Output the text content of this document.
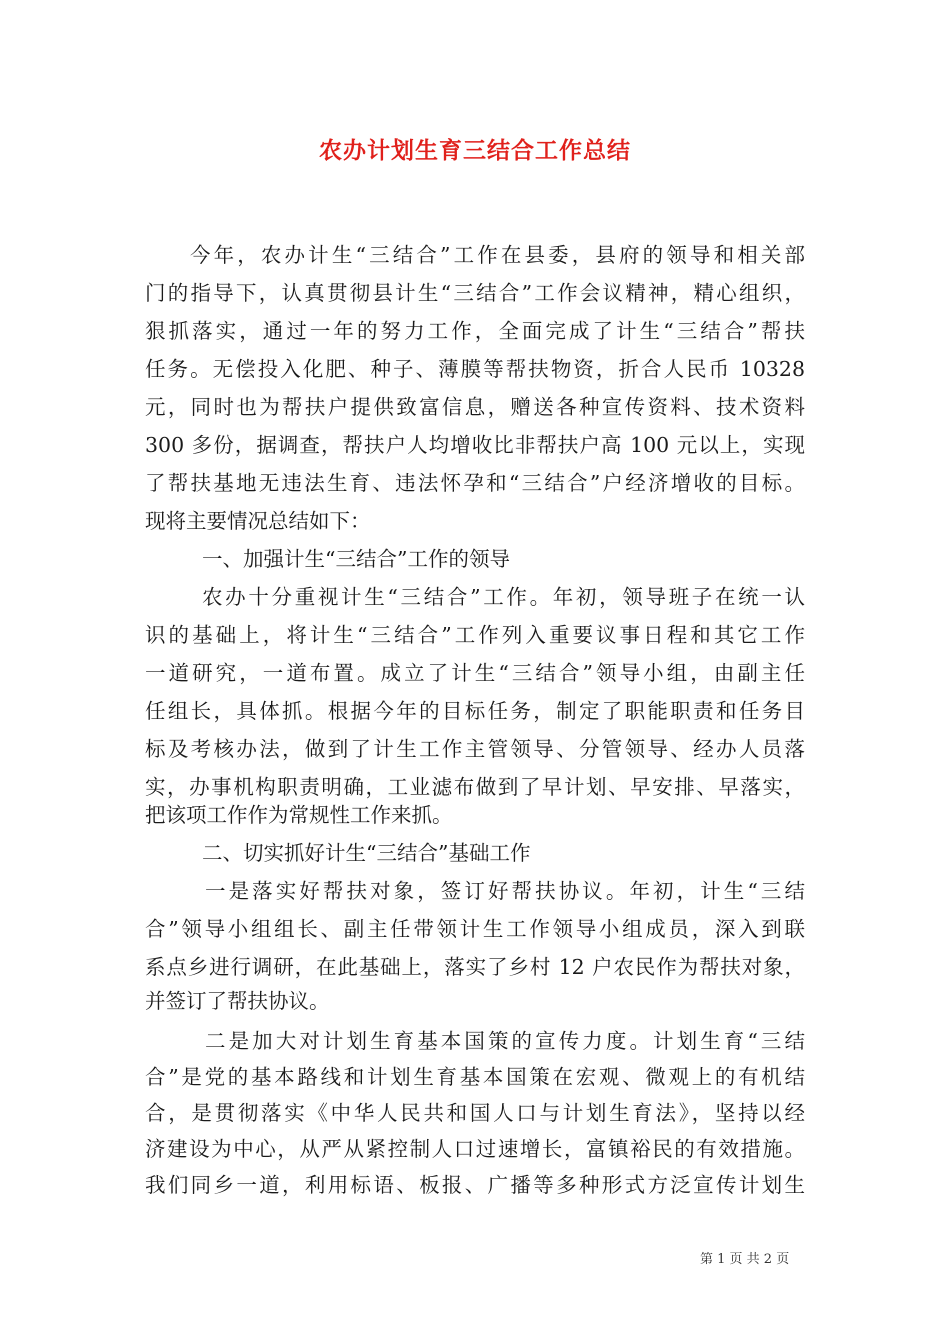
农办计划生育三结合工作总结
今年，农办计生“三结合”工作在县委，县府的领导和相关部
门的指导下，认真贯彻县计生“三结合”工作会议精神，精心组织，
狠抓落实，通过一年的努力工作，全面完成了计生“三结合”帮扶
任务。无偿投入化肥、种子、薄膜等帮扶物资，折合人民币 10328
元，同时也为帮扶户提供致富信息，赠送各种宣传资料、技术资料
300 多份，据调查，帮扶户人均增收比非帮扶户高 100 元以上，实现
了帮扶基地无违法生育、违法怀孕和“三结合”户经济增收的目标。
现将主要情况总结如下：
一、加强计生“三结合”工作的领导
农办十分重视计生“三结合”工作。年初，领导班子在统一认
识的基础上，将计生“三结合”工作列入重要议事日程和其它工作
一道研究，一道布置。成立了计生“三结合”领导小组，由副主任
任组长，具体抓。根据今年的目标任务，制定了职能职责和任务目
标及考核办法，做到了计生工作主管领导、分管领导、经办人员落
实，办事机构职责明确，工业滤布做到了早计划、早安排、早落实，
把该项工作作为常规性工作来抓。
二、切实抓好计生“三结合”基础工作
一是落实好帮扶对象，签订好帮扶协议。年初，计生“三结
合”领导小组组长、副主任带领计生工作领导小组成员，深入到联
系点乡进行调研，在此基础上，落实了乡村 12 户农民作为帮扶对象，
并签订了帮扶协议。
二是加大对计划生育基本国策的宣传力度。计划生育“三结
合”是党的基本路线和计划生育基本国策在宏观、微观上的有机结
合，是贯彻落实《中华人民共和国人口与计划生育法》，坚持以经
济建设为中心，从严从紧控制人口过速增长，富镇裕民的有效措施。
我们同乡一道，利用标语、板报、广播等多种形式方泛宣传计划生
第 1 页 共 2 页
